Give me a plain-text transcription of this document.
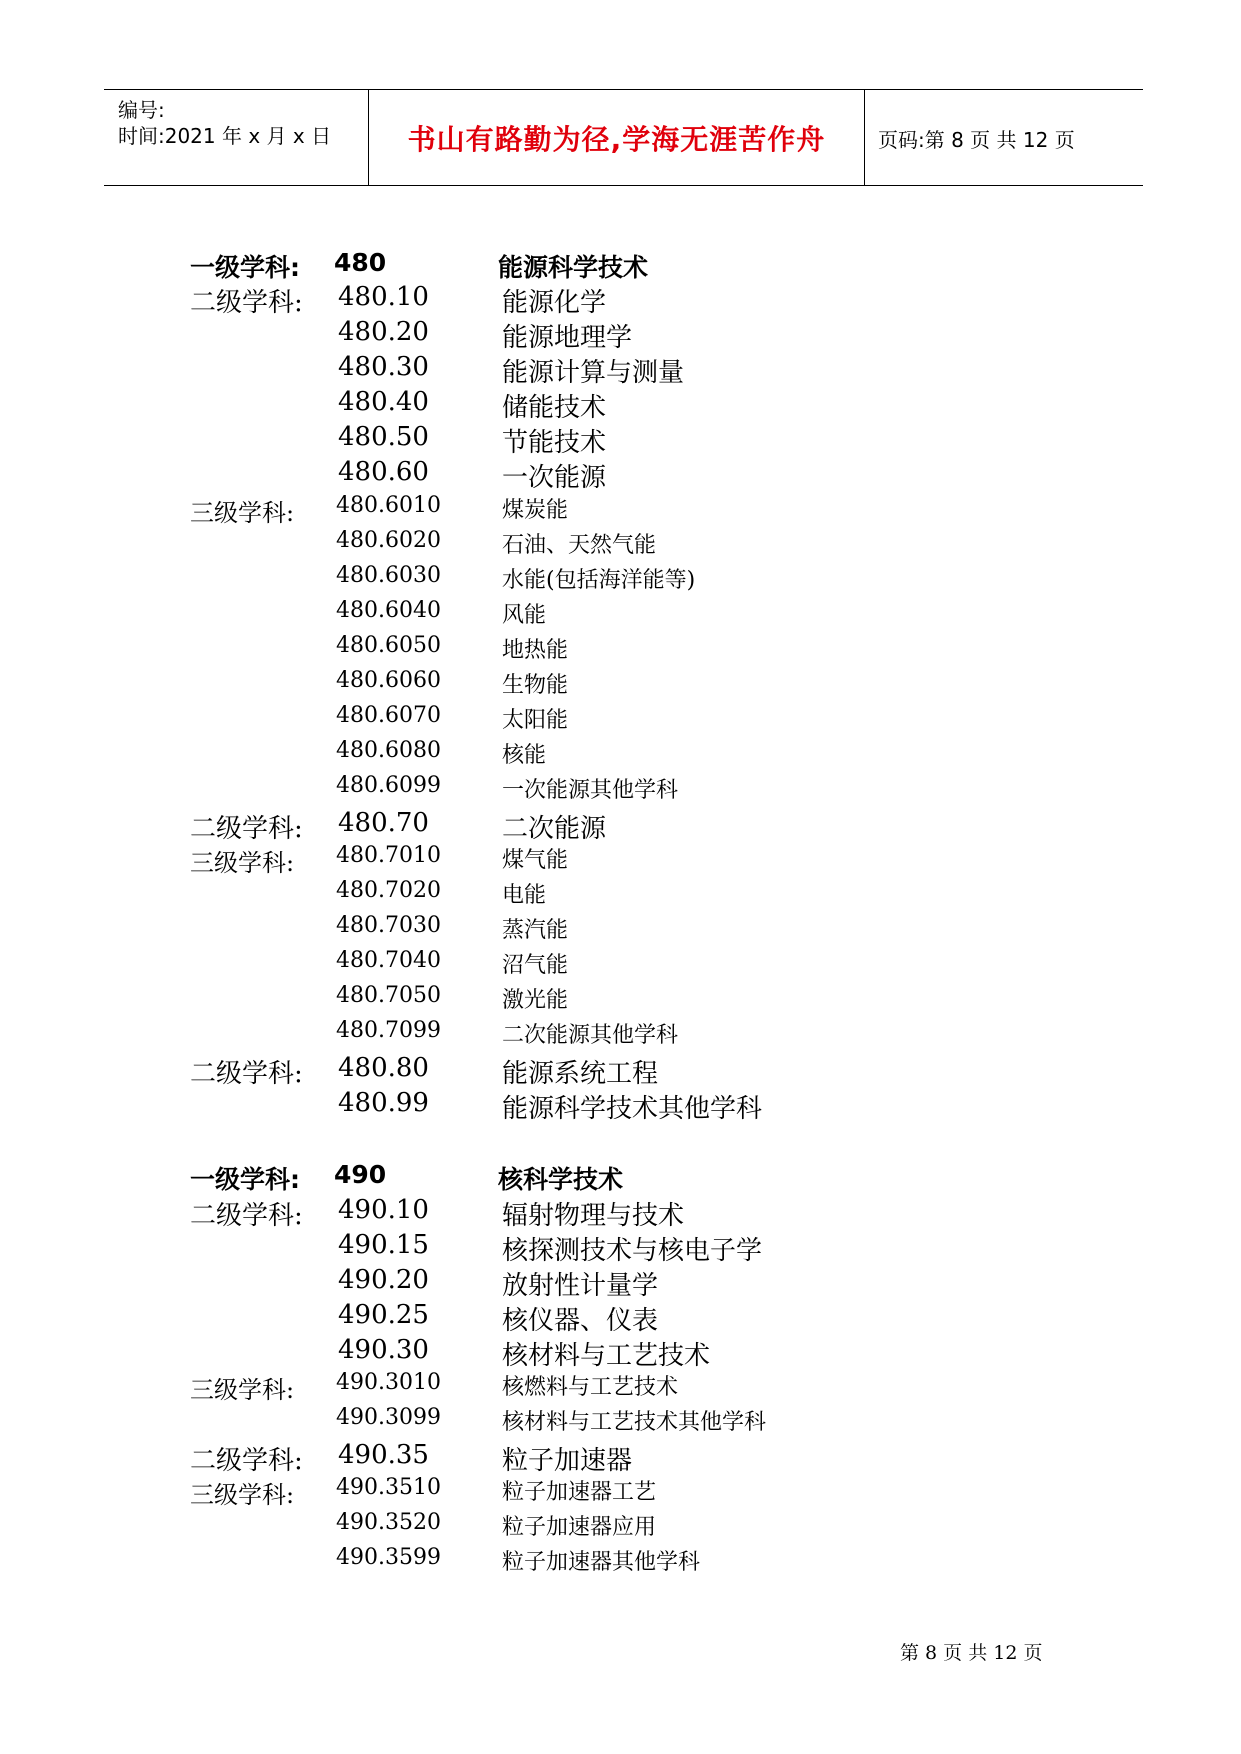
编号:
时间:2021 年 x 月 x 日	书山有路勤为径,学海无涯苦作舟	页码:第 8 页 共 12 页
一级学科: 480	能源科学技术
二级学科: 480.10	能源化学
480.20	能源地理学
480.30	能源计算与测量
480.40	储能技术
480.50	节能技术
480.60	一次能源
三级学科: 480.6010	煤炭能
480.6020	石油、天然气能
480.6030	水能(包括海洋能等)
480.6040	风能
480.6050	地热能
480.6060	生物能
480.6070	太阳能
480.6080	核能
480.6099	一次能源其他学科
二级学科: 480.70	二次能源
三级学科: 480.7010	煤气能
480.7020	电能
480.7030	蒸汽能
480.7040	沼气能
480.7050	激光能
480.7099	二次能源其他学科
二级学科: 480.80	能源系统工程
480.99	能源科学技术其他学科
一级学科: 490	核科学技术
二级学科: 490.10	辐射物理与技术
490.15	核探测技术与核电子学
490.20	放射性计量学
490.25	核仪器、仪表
490.30	核材料与工艺技术
三级学科: 490.3010	核燃料与工艺技术
490.3099	核材料与工艺技术其他学科
二级学科: 490.35	粒子加速器
三级学科: 490.3510	粒子加速器工艺
490.3520	粒子加速器应用
490.3599	粒子加速器其他学科
第 8 页 共 12 页
